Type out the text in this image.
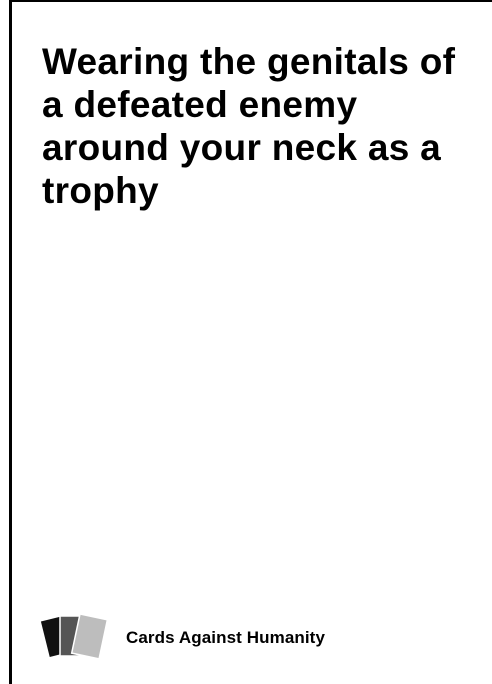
Wearing the genitals of a defeated enemy around your neck as a trophy

Cards Against Humanity
